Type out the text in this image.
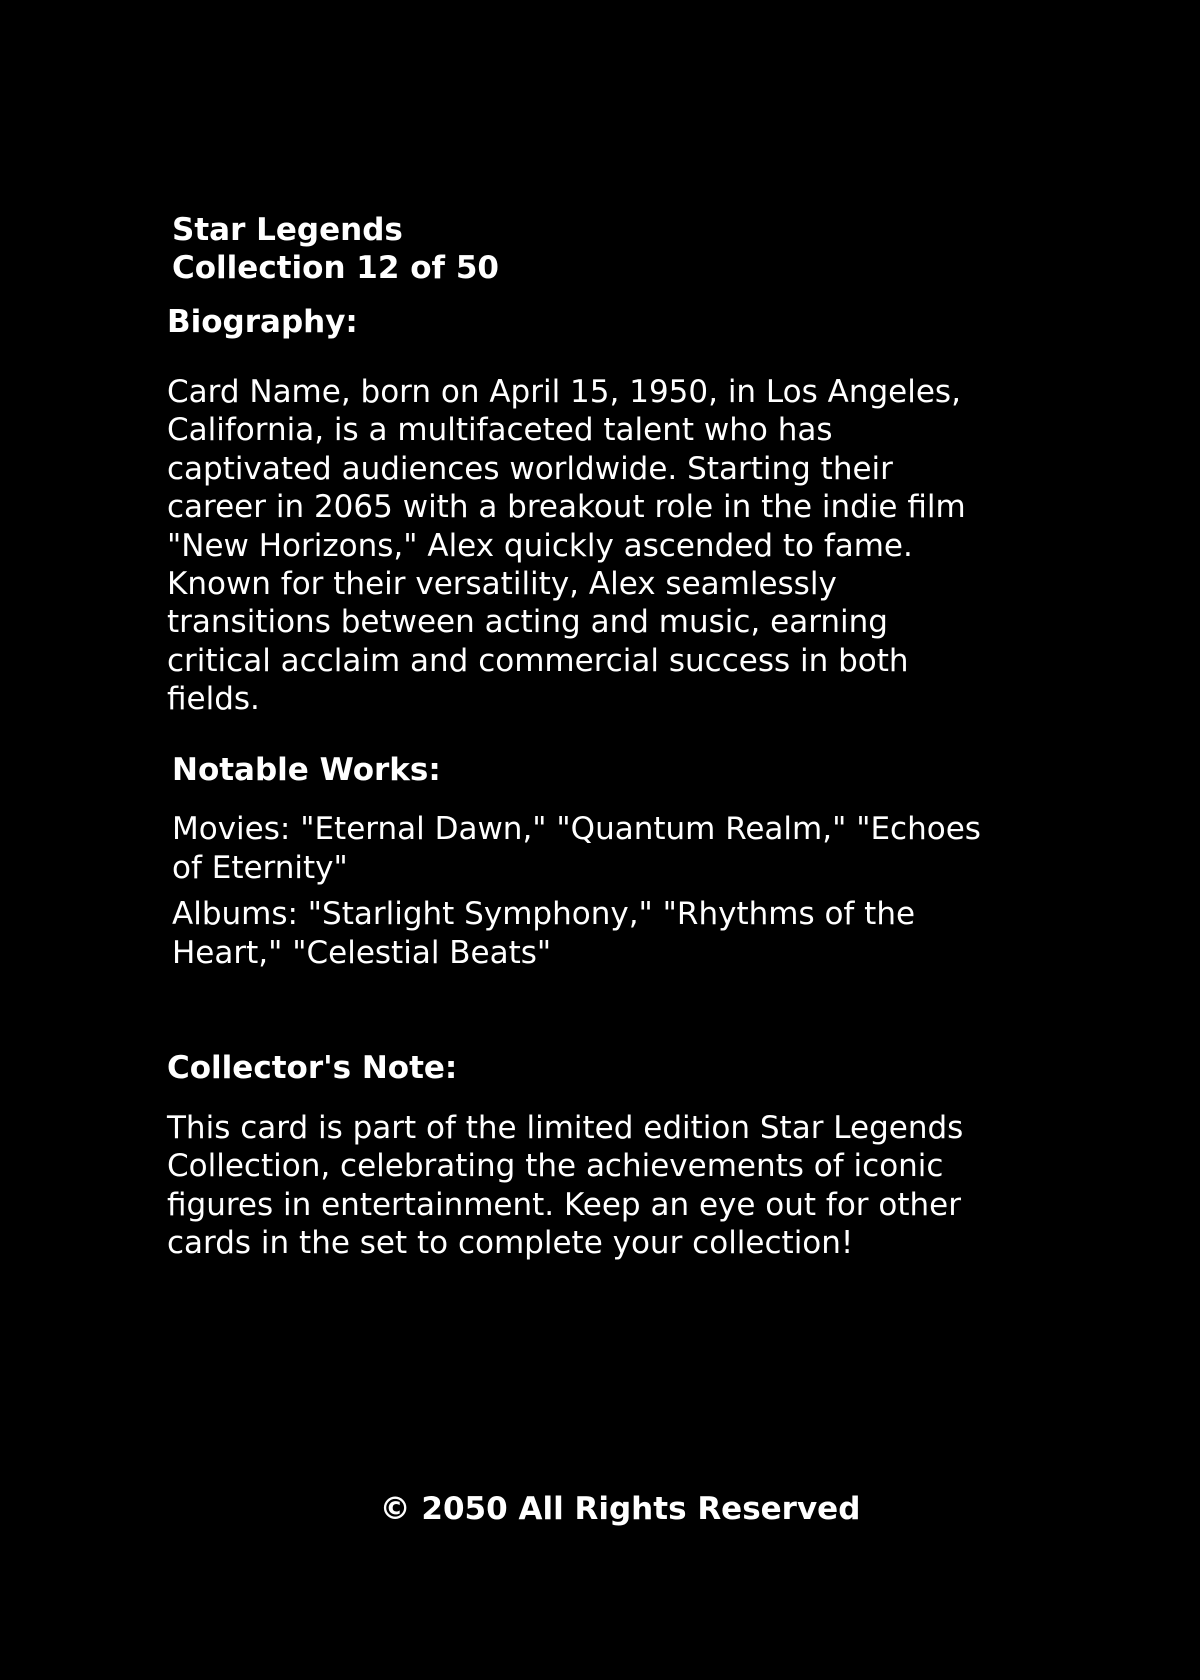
Star Legends
Collection 12 of 50
Biography:

Card Name, born on April 15, 1950, in Los Angeles, California, is a multifaceted talent who has captivated audiences worldwide. Starting their career in 2065 with a breakout role in the indie film "New Horizons," Alex quickly ascended to fame. Known for their versatility, Alex seamlessly transitions between acting and music, earning critical acclaim and commercial success in both fields.

Notable Works:

Movies: "Eternal Dawn," "Quantum Realm," "Echoes of Eternity"

Albums: "Starlight Symphony," "Rhythms of the Heart," "Celestial Beats"

Collector's Note:

This card is part of the limited edition Star Legends Collection, celebrating the achievements of iconic figures in entertainment. Keep an eye out for other cards in the set to complete your collection!

© 2050 All Rights Reserved
